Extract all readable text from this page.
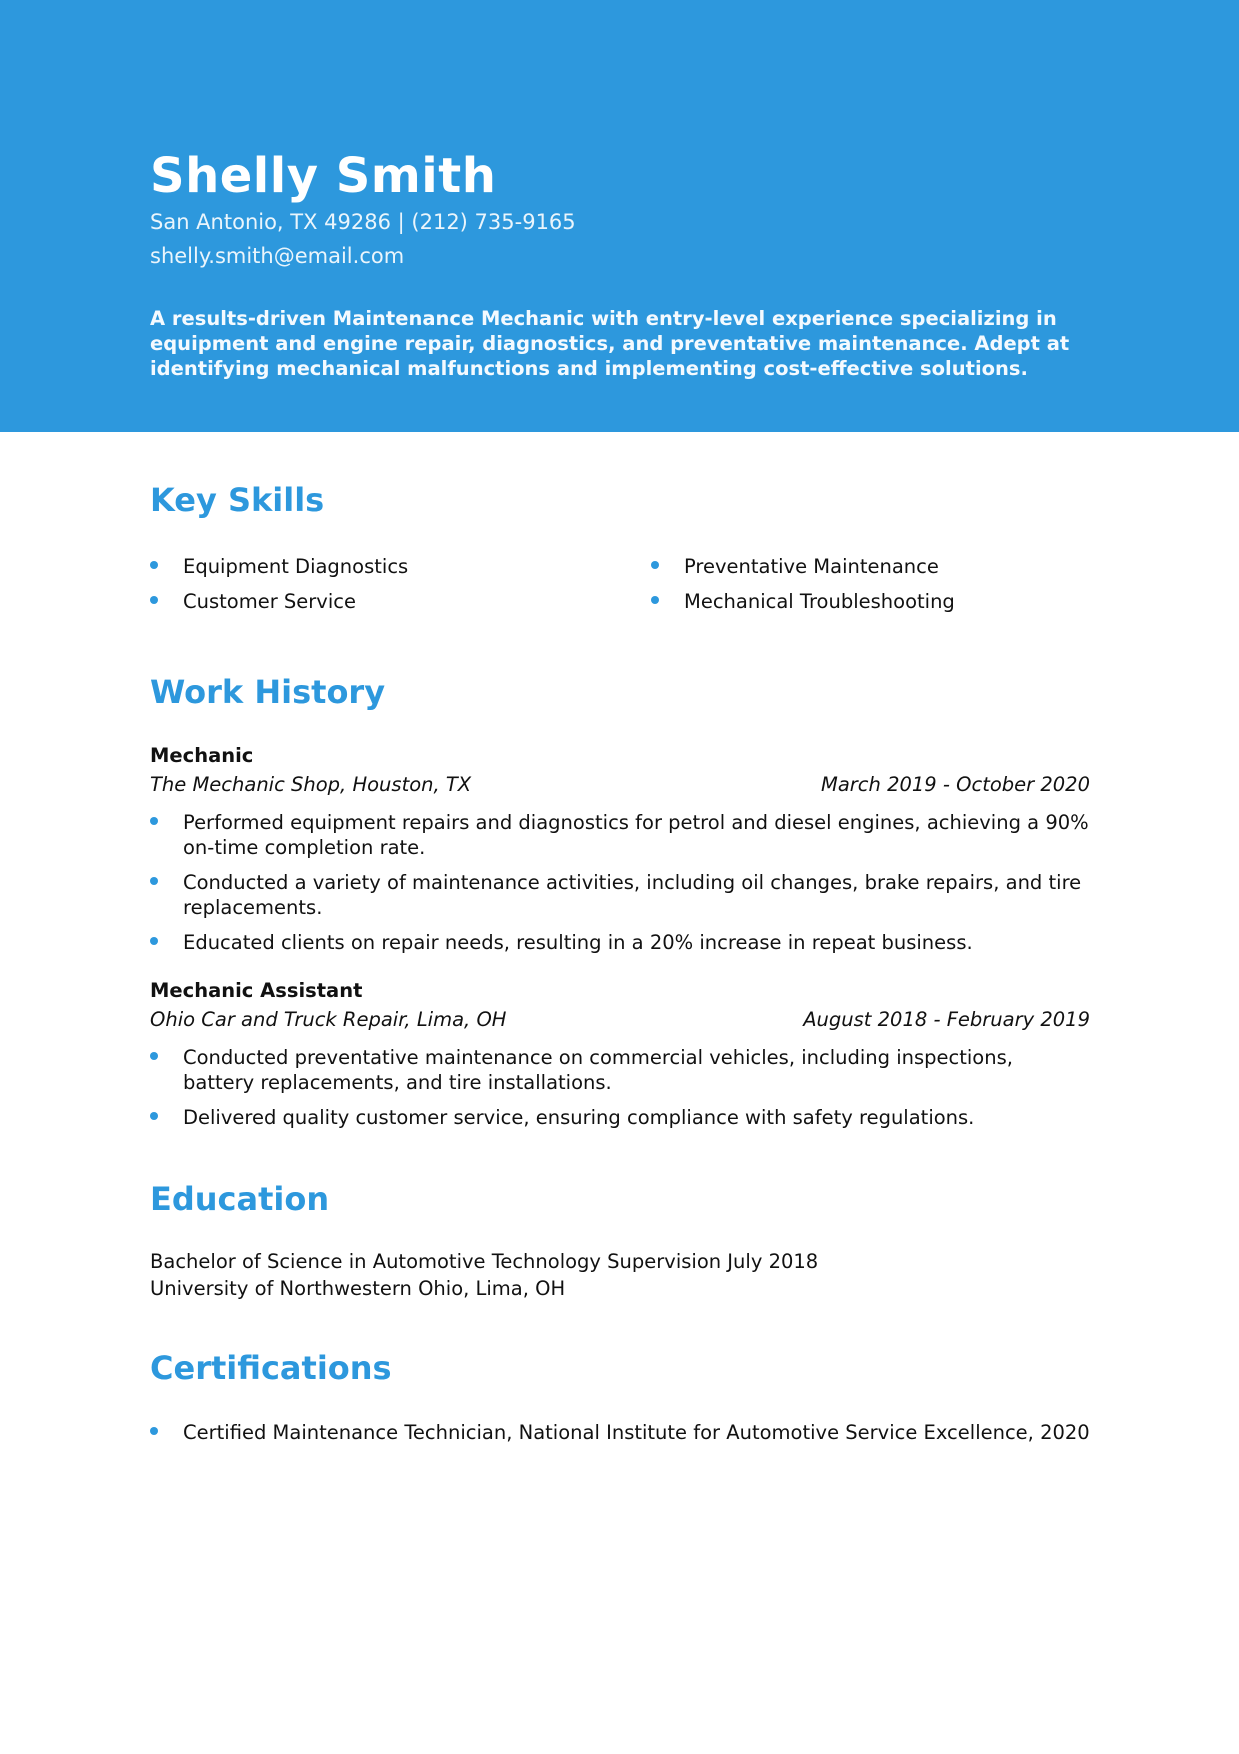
Shelly Smith
San Antonio, TX 49286 | (212) 735-9165
shelly.smith@email.com
A results-driven Maintenance Mechanic with entry-level experience specializing in equipment and engine repair, diagnostics, and preventative maintenance. Adept at identifying mechanical malfunctions and implementing cost-effective solutions.
Key Skills
Equipment Diagnostics
Customer Service
Preventative Maintenance
Mechanical Troubleshooting
Work History
Mechanic
The Mechanic Shop, Houston, TX	March 2019 - October 2020
Performed equipment repairs and diagnostics for petrol and diesel engines, achieving a 90% on-time completion rate.
Conducted a variety of maintenance activities, including oil changes, brake repairs, and tire replacements.
Educated clients on repair needs, resulting in a 20% increase in repeat business.
Mechanic Assistant
Ohio Car and Truck Repair, Lima, OH	August 2018 - February 2019
Conducted preventative maintenance on commercial vehicles, including inspections, battery replacements, and tire installations.
Delivered quality customer service, ensuring compliance with safety regulations.
Education
Bachelor of Science in Automotive Technology Supervision July 2018
University of Northwestern Ohio, Lima, OH
Certifications
Certified Maintenance Technician, National Institute for Automotive Service Excellence, 2020
